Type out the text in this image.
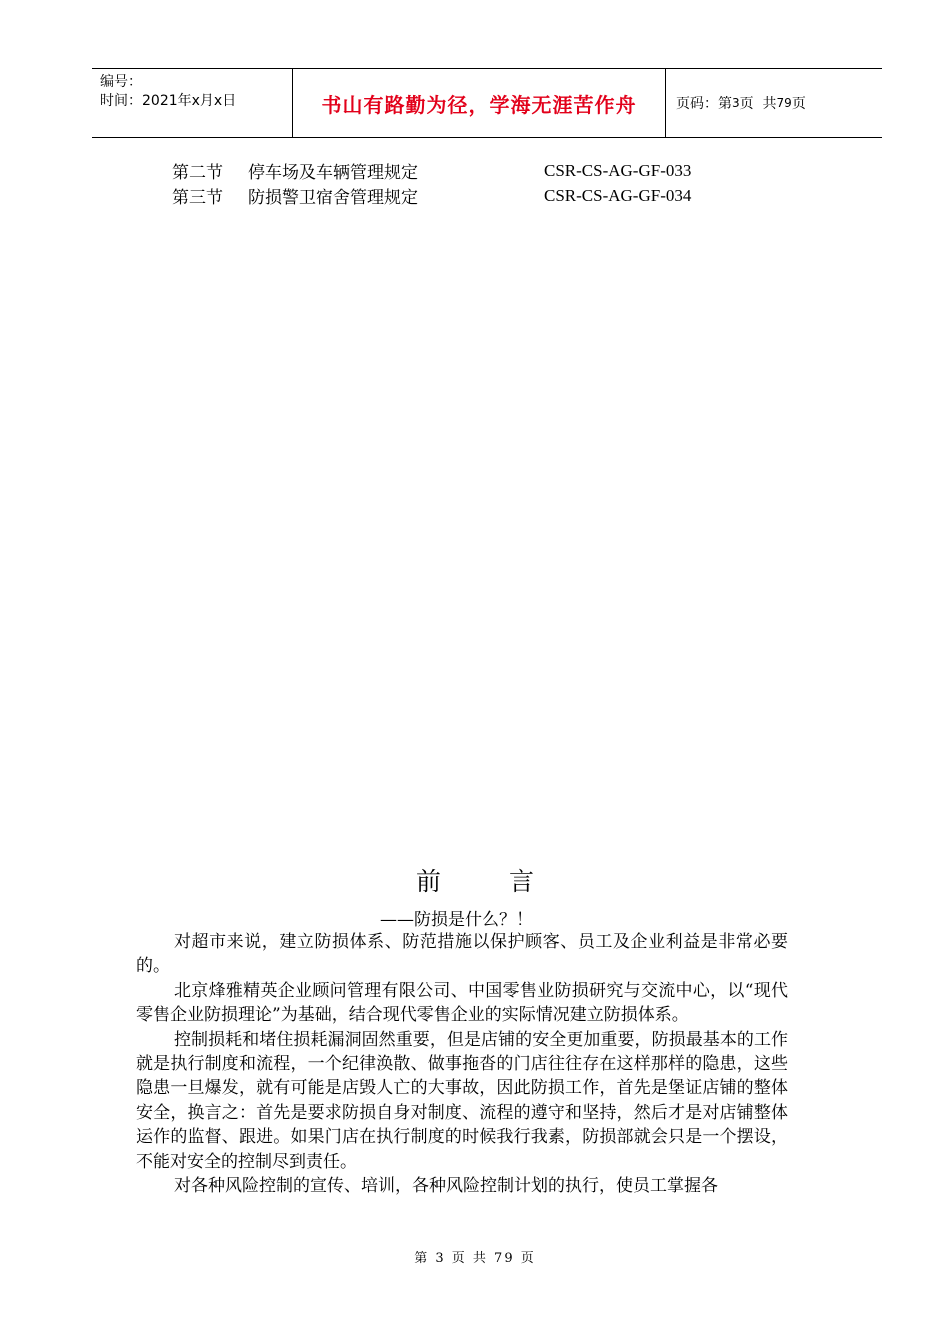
编号：
时间：2021年x月x日	书山有路勤为径，学海无涯苦作舟	页码：第 3 页  共 79 页
第二节	停车场及车辆管理规定	CSR-CS-AG-GF-033
第三节	防损警卫宿舍管理规定	CSR-CS-AG-GF-034
前 言
——防损是什么？！

对超市来说，建立防损体系、防范措施以保护顾客、员工及企业利益是非常必要的。

北京烽雅精英企业顾问管理有限公司、中国零售业防损研究与交流中心，以“现代零售企业防损理论”为基础，结合现代零售企业的实际情况建立防损体系。

控制损耗和堵住损耗漏洞固然重要，但是店铺的安全更加重要，防损最基本的工作就是执行制度和流程，一个纪律涣散、做事拖沓的门店往往存在这样那样的隐患，这些隐患一旦爆发，就有可能是店毁人亡的大事故，因此防损工作，首先是堡证店铺的整体安全，换言之：首先是要求防损自身对制度、流程的遵守和坚持，然后才是对店铺整体运作的监督、跟进。如果门店在执行制度的时候我行我素，防损部就会只是一个摆设，不能对安全的控制尽到责任。

对各种风险控制的宣传、培训，各种风险控制计划的执行，使员工掌握各

第 3 页 共 79 页
